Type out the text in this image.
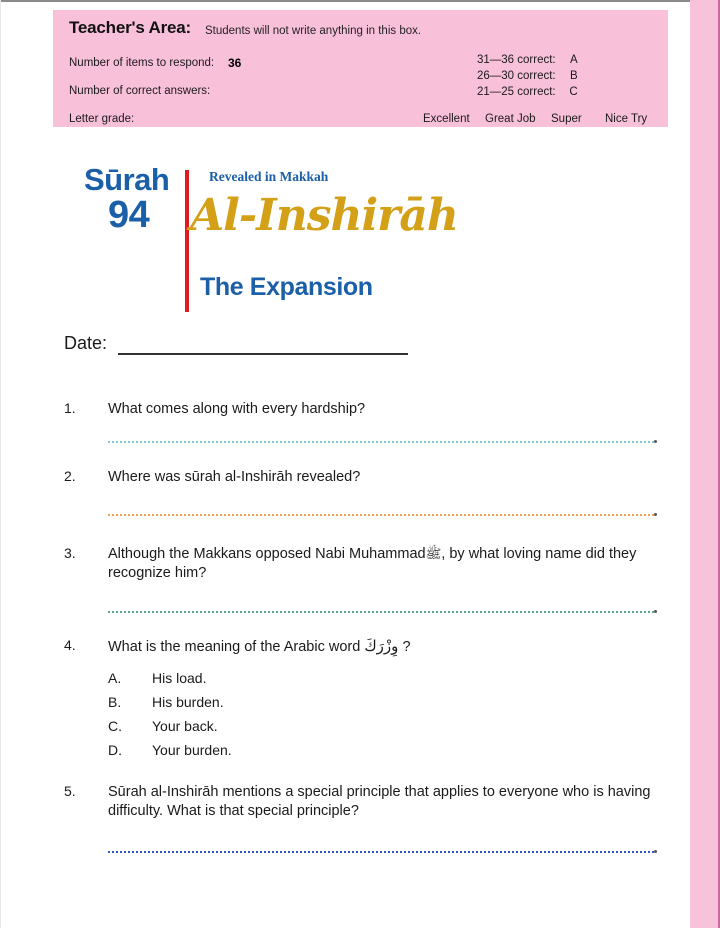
Teacher's Area: Students will not write anything in this box.
Number of items to respond: 36
Number of correct answers:
Letter grade:
31—36 correct: A
26—30 correct: B
21—25 correct: C
Excellent Great Job Super Nice Try
Sūrah
94
Revealed in Makkah
Al-Inshirāh
The Expansion
Date:
1.	What comes along with every hardship?
2.	Where was sūrah al-Inshirāh revealed?
3.	Although the Makkans opposed Nabi Muhammadﷺ, by what loving name did they recognize him?
4.	What is the meaning of the Arabic word وِزْرَكَ ?
A.	His load.
B.	His burden.
C.	Your back.
D.	Your burden.
5.	Sūrah al-Inshirāh mentions a special principle that applies to everyone who is having difficulty. What is that special principle?
